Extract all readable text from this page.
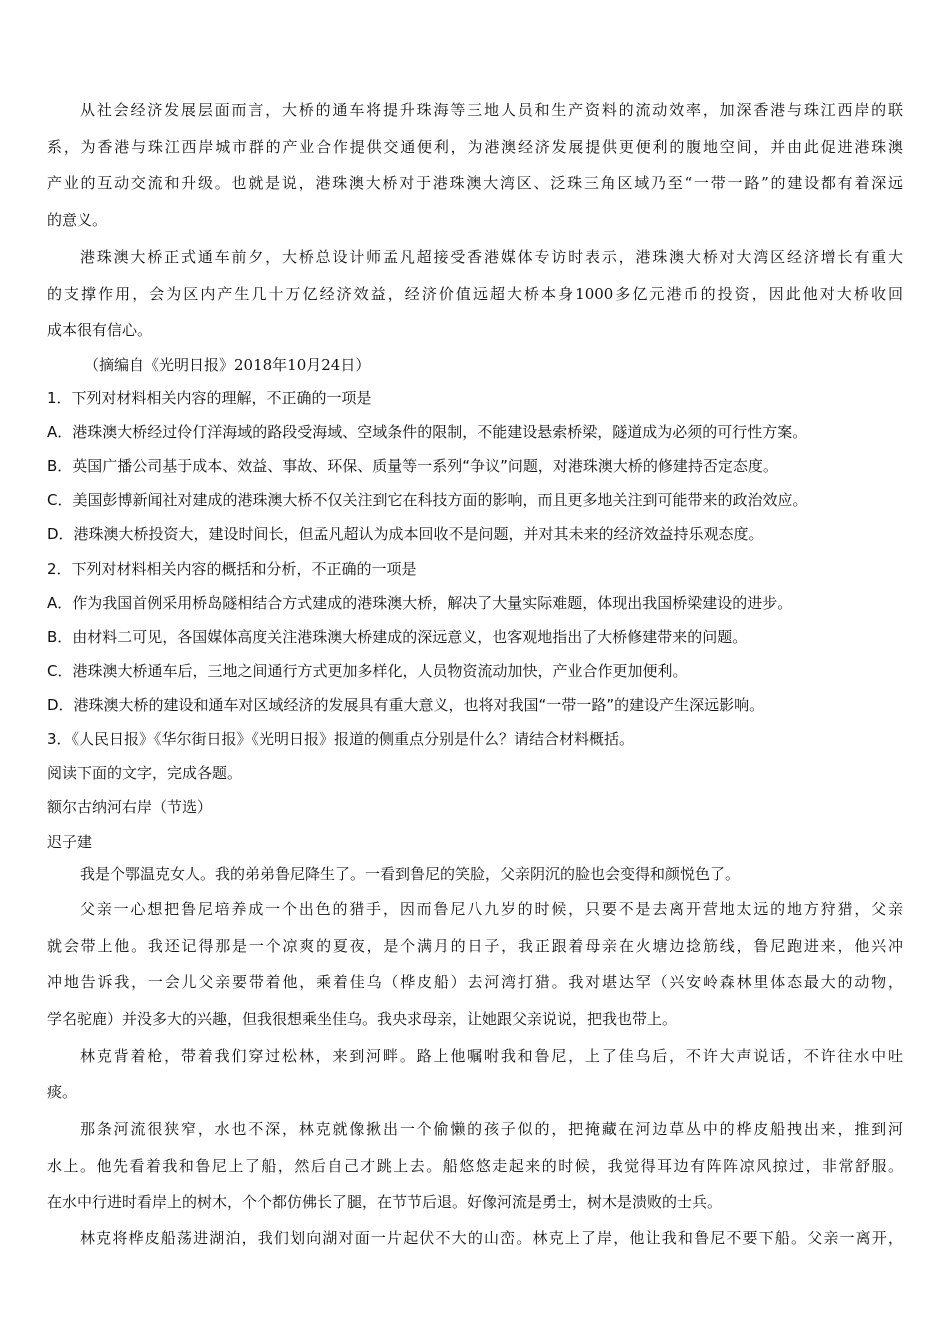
从社会经济发展层面而言，大桥的通车将提升珠海等三地人员和生产资料的流动效率，加深香港与珠江西岸的联
系，为香港与珠江西岸城市群的产业合作提供交通便利，为港澳经济发展提供更便利的腹地空间，并由此促进港珠澳
产业的互动交流和升级。也就是说，港珠澳大桥对于港珠澳大湾区、泛珠三角区域乃至“一带一路”的建设都有着深远
的意义。
港珠澳大桥正式通车前夕，大桥总设计师孟凡超接受香港媒体专访时表示，港珠澳大桥对大湾区经济增长有重大
的支撑作用，会为区内产生几十万亿经济效益，经济价值远超大桥本身1000多亿元港币的投资，因此他对大桥收回
成本很有信心。
（摘编自《光明日报》2018年10月24日）
1．下列对材料相关内容的理解，不正确的一项是
A．港珠澳大桥经过伶仃洋海域的路段受海域、空域条件的限制，不能建设悬索桥梁，隧道成为必须的可行性方案。
B．英国广播公司基于成本、效益、事故、环保、质量等一系列“争议”问题，对港珠澳大桥的修建持否定态度。
C．美国彭博新闻社对建成的港珠澳大桥不仅关注到它在科技方面的影响，而且更多地关注到可能带来的政治效应。
D．港珠澳大桥投资大，建设时间长，但孟凡超认为成本回收不是问题，并对其未来的经济效益持乐观态度。
2．下列对材料相关内容的概括和分析，不正确的一项是
A．作为我国首例采用桥岛隧相结合方式建成的港珠澳大桥，解决了大量实际难题，体现出我国桥梁建设的进步。
B．由材料二可见，各国媒体高度关注港珠澳大桥建成的深远意义，也客观地指出了大桥修建带来的问题。
C．港珠澳大桥通车后，三地之间通行方式更加多样化，人员物资流动加快，产业合作更加便利。
D．港珠澳大桥的建设和通车对区域经济的发展具有重大意义，也将对我国“一带一路”的建设产生深远影响。
3．《人民日报》《华尔街日报》《光明日报》报道的侧重点分别是什么？请结合材料概括。
阅读下面的文字，完成各题。
额尔古纳河右岸（节选）
迟子建
我是个鄂温克女人。我的弟弟鲁尼降生了。一看到鲁尼的笑脸，父亲阴沉的脸也会变得和颜悦色了。
父亲一心想把鲁尼培养成一个出色的猎手，因而鲁尼八九岁的时候，只要不是去离开营地太远的地方狩猎，父亲
就会带上他。我还记得那是一个凉爽的夏夜，是个满月的日子，我正跟着母亲在火塘边捻筋线，鲁尼跑进来，他兴冲
冲地告诉我，一会儿父亲要带着他，乘着佳乌（桦皮船）去河湾打猎。我对堪达罕（兴安岭森林里体态最大的动物，
学名驼鹿）并没多大的兴趣，但我很想乘坐佳乌。我央求母亲，让她跟父亲说说，把我也带上。
林克背着枪，带着我们穿过松林，来到河畔。路上他嘱咐我和鲁尼，上了佳乌后，不许大声说话，不许往水中吐
痰。
那条河流很狭窄，水也不深，林克就像揪出一个偷懒的孩子似的，把掩藏在河边草丛中的桦皮船拽出来，推到河
水上。他先看着我和鲁尼上了船，然后自己才跳上去。船悠悠走起来的时候，我觉得耳边有阵阵凉风掠过，非常舒服。
在水中行进时看岸上的树木，个个都仿佛长了腿，在节节后退。好像河流是勇士，树木是溃败的士兵。
林克将桦皮船荡进湖泊，我们划向湖对面一片起伏不大的山峦。林克上了岸，他让我和鲁尼不要下船。父亲一离开，
